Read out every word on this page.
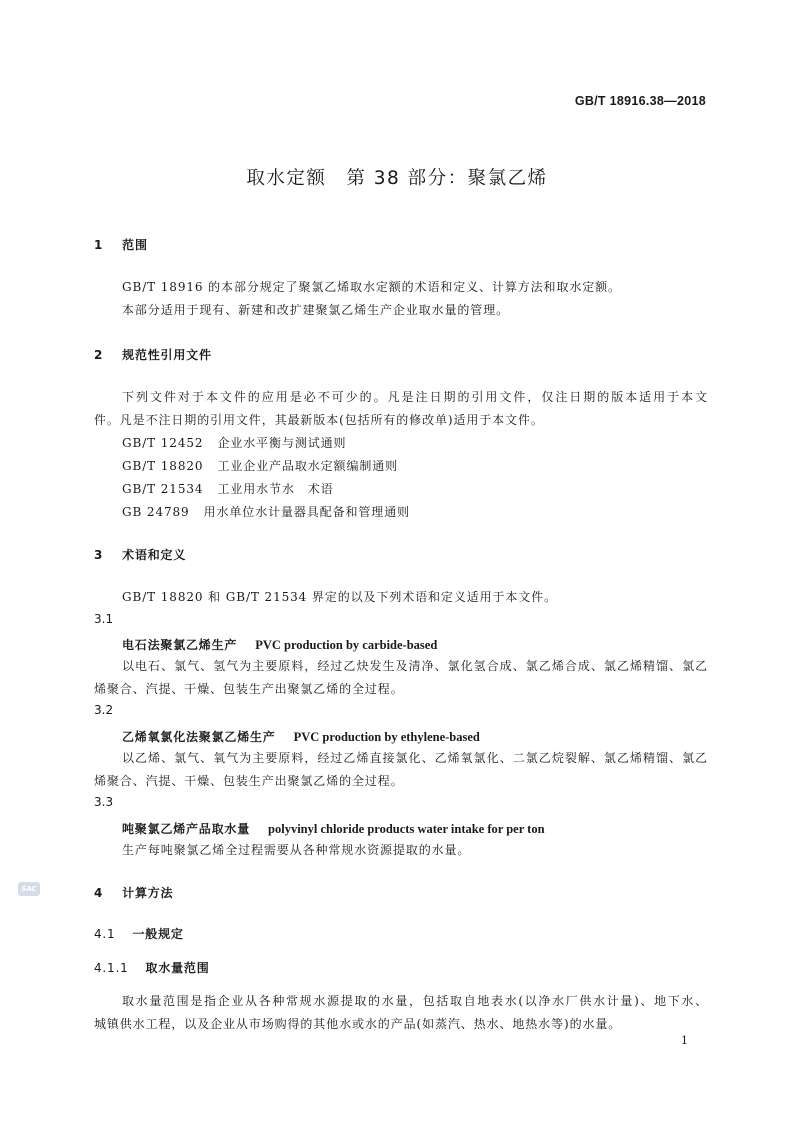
GB/T 18916.38—2018
取水定额　第 38 部分：聚氯乙烯
1 范围
GB/T 18916 的本部分规定了聚氯乙烯取水定额的术语和定义、计算方法和取水定额。
本部分适用于现有、新建和改扩建聚氯乙烯生产企业取水量的管理。
2 规范性引用文件
下列文件对于本文件的应用是必不可少的。凡是注日期的引用文件，仅注日期的版本适用于本文
件。凡是不注日期的引用文件，其最新版本(包括所有的修改单)适用于本文件。
GB/T 12452 企业水平衡与测试通则
GB/T 18820 工业企业产品取水定额编制通则
GB/T 21534 工业用水节水　术语
GB 24789 用水单位水计量器具配备和管理通则
3 术语和定义
GB/T 18820 和 GB/T 21534 界定的以及下列术语和定义适用于本文件。
3.1
电石法聚氯乙烯生产 PVC production by carbide-based
以电石、氯气、氢气为主要原料，经过乙炔发生及清净、氯化氢合成、氯乙烯合成、氯乙烯精馏、氯乙
烯聚合、汽提、干燥、包装生产出聚氯乙烯的全过程。
3.2
乙烯氧氯化法聚氯乙烯生产 PVC production by ethylene-based
以乙烯、氯气、氧气为主要原料，经过乙烯直接氯化、乙烯氧氯化、二氯乙烷裂解、氯乙烯精馏、氯乙
烯聚合、汽提、干燥、包装生产出聚氯乙烯的全过程。
3.3
吨聚氯乙烯产品取水量 polyvinyl chloride products water intake for per ton
生产每吨聚氯乙烯全过程需要从各种常规水资源提取的水量。
SAC	4 计算方法
4.1 一般规定
4.1.1 取水量范围
取水量范围是指企业从各种常规水源提取的水量，包括取自地表水(以净水厂供水计量)、地下水、
城镇供水工程，以及企业从市场购得的其他水或水的产品(如蒸汽、热水、地热水等)的水量。
1
